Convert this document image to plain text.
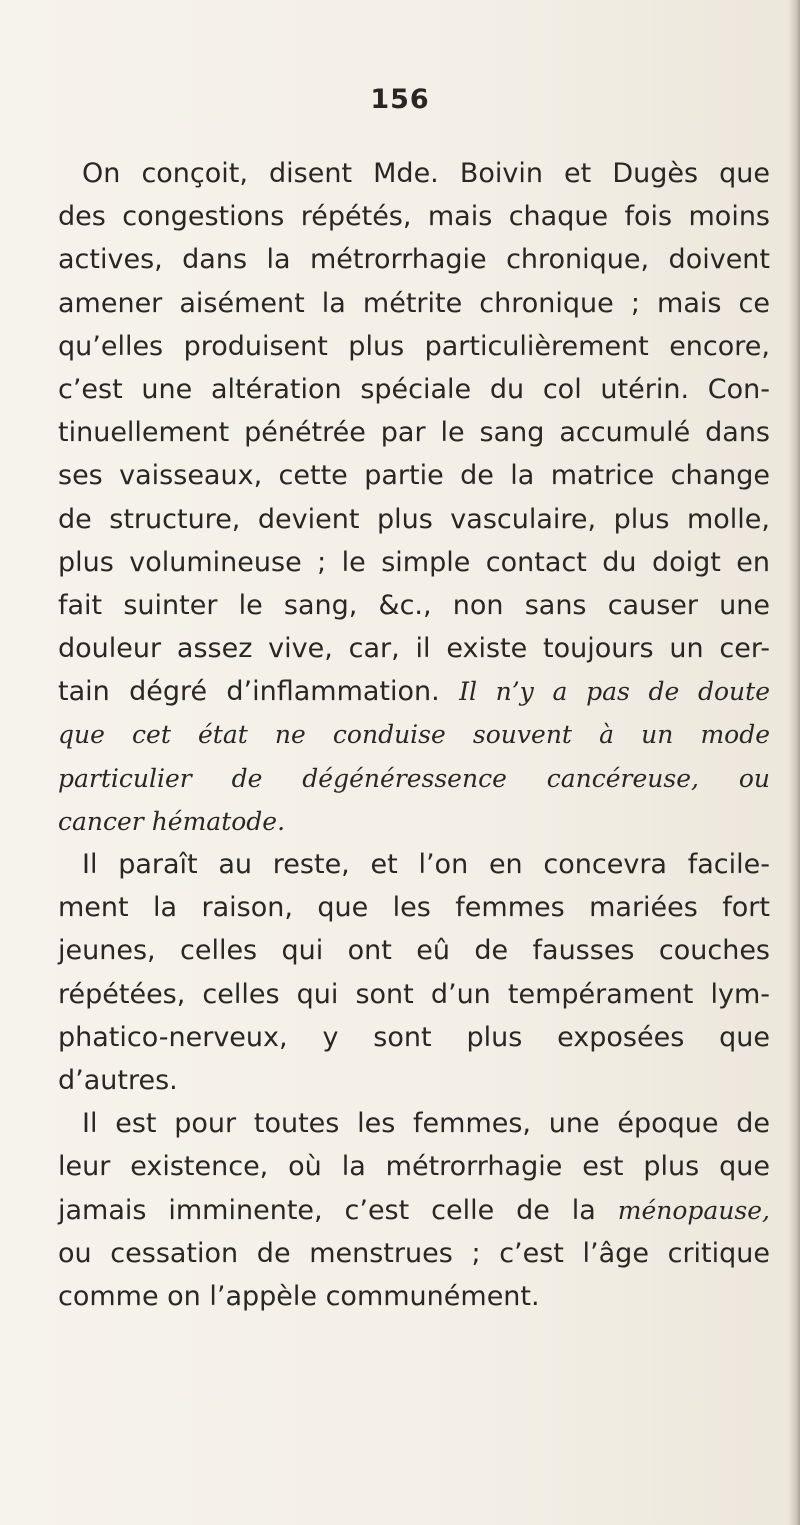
156
On conçoit, disent Mde. Boivin et Dugès que
des congestions répétés, mais chaque fois moins
actives, dans la métrorrhagie chronique, doivent
amener aisément la métrite chronique ; mais ce
qu’elles produisent plus particulièrement encore,
c’est une altération spéciale du col utérin. Con-
tinuellement pénétrée par le sang accumulé dans
ses vaisseaux, cette partie de la matrice change
de structure, devient plus vasculaire, plus molle,
plus volumineuse ; le simple contact du doigt en
fait suinter le sang, &c., non sans causer une
douleur assez vive, car, il existe toujours un cer-
tain dégré d’inflammation. Il n’y a pas de doute
que cet état ne conduise souvent à un mode
particulier de dégénéressence cancéreuse, ou
cancer hématode.
Il paraît au reste, et l’on en concevra facile-
ment la raison, que les femmes mariées fort
jeunes, celles qui ont eû de fausses couches
répétées, celles qui sont d’un tempérament lym-
phatico-nerveux, y sont plus exposées que
d’autres.
Il est pour toutes les femmes, une époque de
leur existence, où la métrorrhagie est plus que
jamais imminente, c’est celle de la ménopause,
ou cessation de menstrues ; c’est l’âge critique
comme on l’appèle communément.
